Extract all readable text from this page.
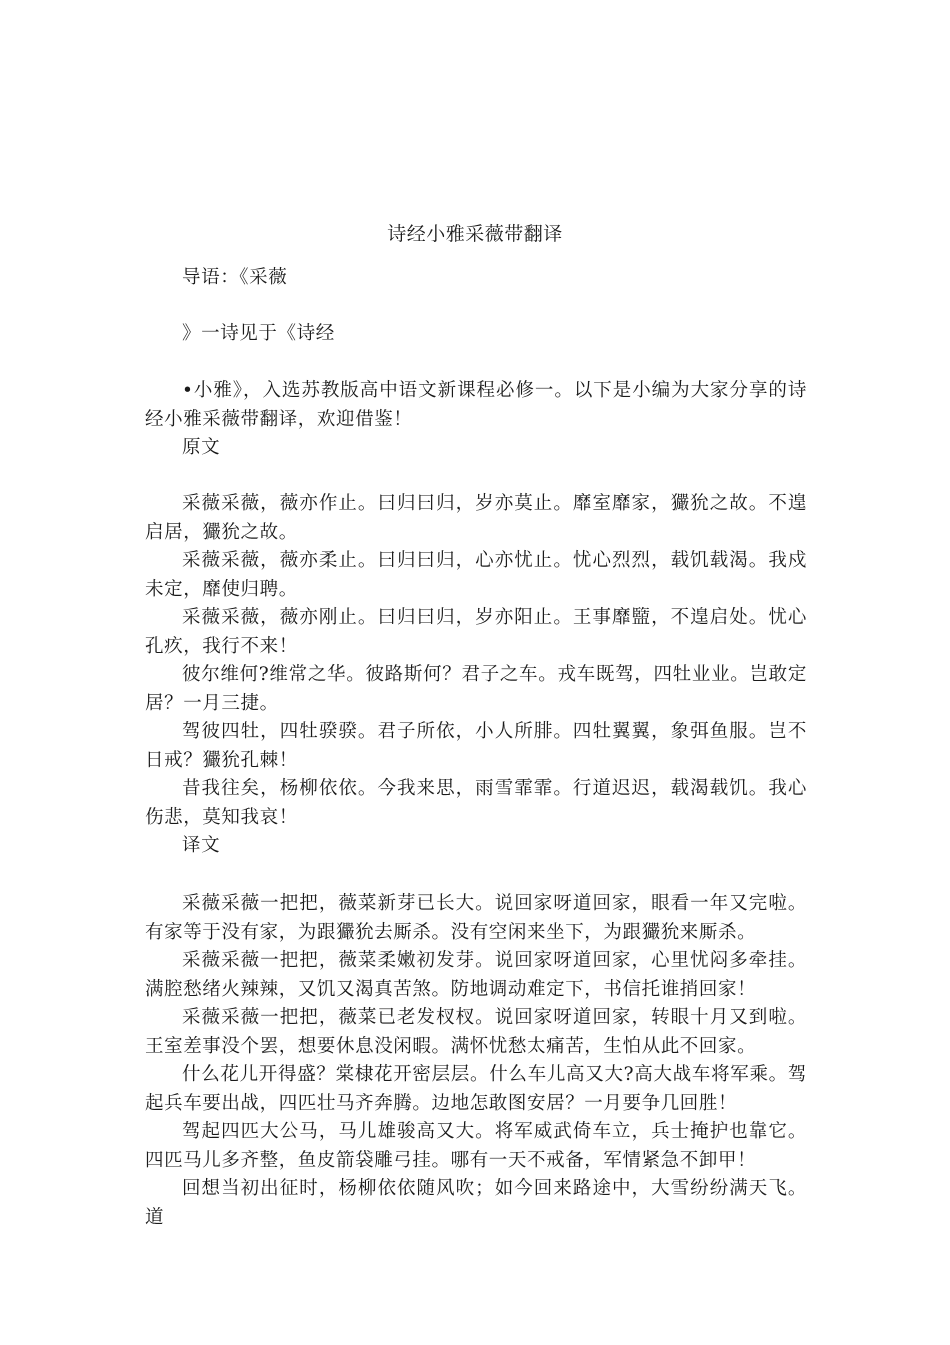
诗经小雅采薇带翻译

导语：《采薇

》一诗见于《诗经

•小雅》，入选苏教版高中语文新课程必修一。以下是小编为大家分享的诗经小雅采薇带翻译，欢迎借鉴！

原文

采薇采薇，薇亦作止。曰归曰归，岁亦莫止。靡室靡家，玁狁之故。不遑启居，玁狁之故。

采薇采薇，薇亦柔止。曰归曰归，心亦忧止。忧心烈烈，载饥载渴。我戍未定，靡使归聘。

采薇采薇，薇亦刚止。曰归曰归，岁亦阳止。王事靡盬，不遑启处。忧心孔疚，我行不来！

彼尔维何?维常之华。彼路斯何？君子之车。戎车既驾，四牡业业。岂敢定居？一月三捷。

驾彼四牡，四牡骙骙。君子所依，小人所腓。四牡翼翼，象弭鱼服。岂不日戒？玁狁孔棘！

昔我往矣，杨柳依依。今我来思，雨雪霏霏。行道迟迟，载渴载饥。我心伤悲，莫知我哀！

译文

采薇采薇一把把，薇菜新芽已长大。说回家呀道回家，眼看一年又完啦。有家等于没有家，为跟玁狁去厮杀。没有空闲来坐下，为跟玁狁来厮杀。

采薇采薇一把把，薇菜柔嫩初发芽。说回家呀道回家，心里忧闷多牵挂。满腔愁绪火辣辣，又饥又渴真苦煞。防地调动难定下，书信托谁捎回家！

采薇采薇一把把，薇菜已老发杈杈。说回家呀道回家，转眼十月又到啦。王室差事没个罢，想要休息没闲暇。满怀忧愁太痛苦，生怕从此不回家。

什么花儿开得盛？棠棣花开密层层。什么车儿高又大?高大战车将军乘。驾起兵车要出战，四匹壮马齐奔腾。边地怎敢图安居？一月要争几回胜！

驾起四匹大公马，马儿雄骏高又大。将军威武倚车立，兵士掩护也靠它。四匹马儿多齐整，鱼皮箭袋雕弓挂。哪有一天不戒备，军情紧急不卸甲！

回想当初出征时，杨柳依依随风吹；如今回来路途中，大雪纷纷满天飞。道
